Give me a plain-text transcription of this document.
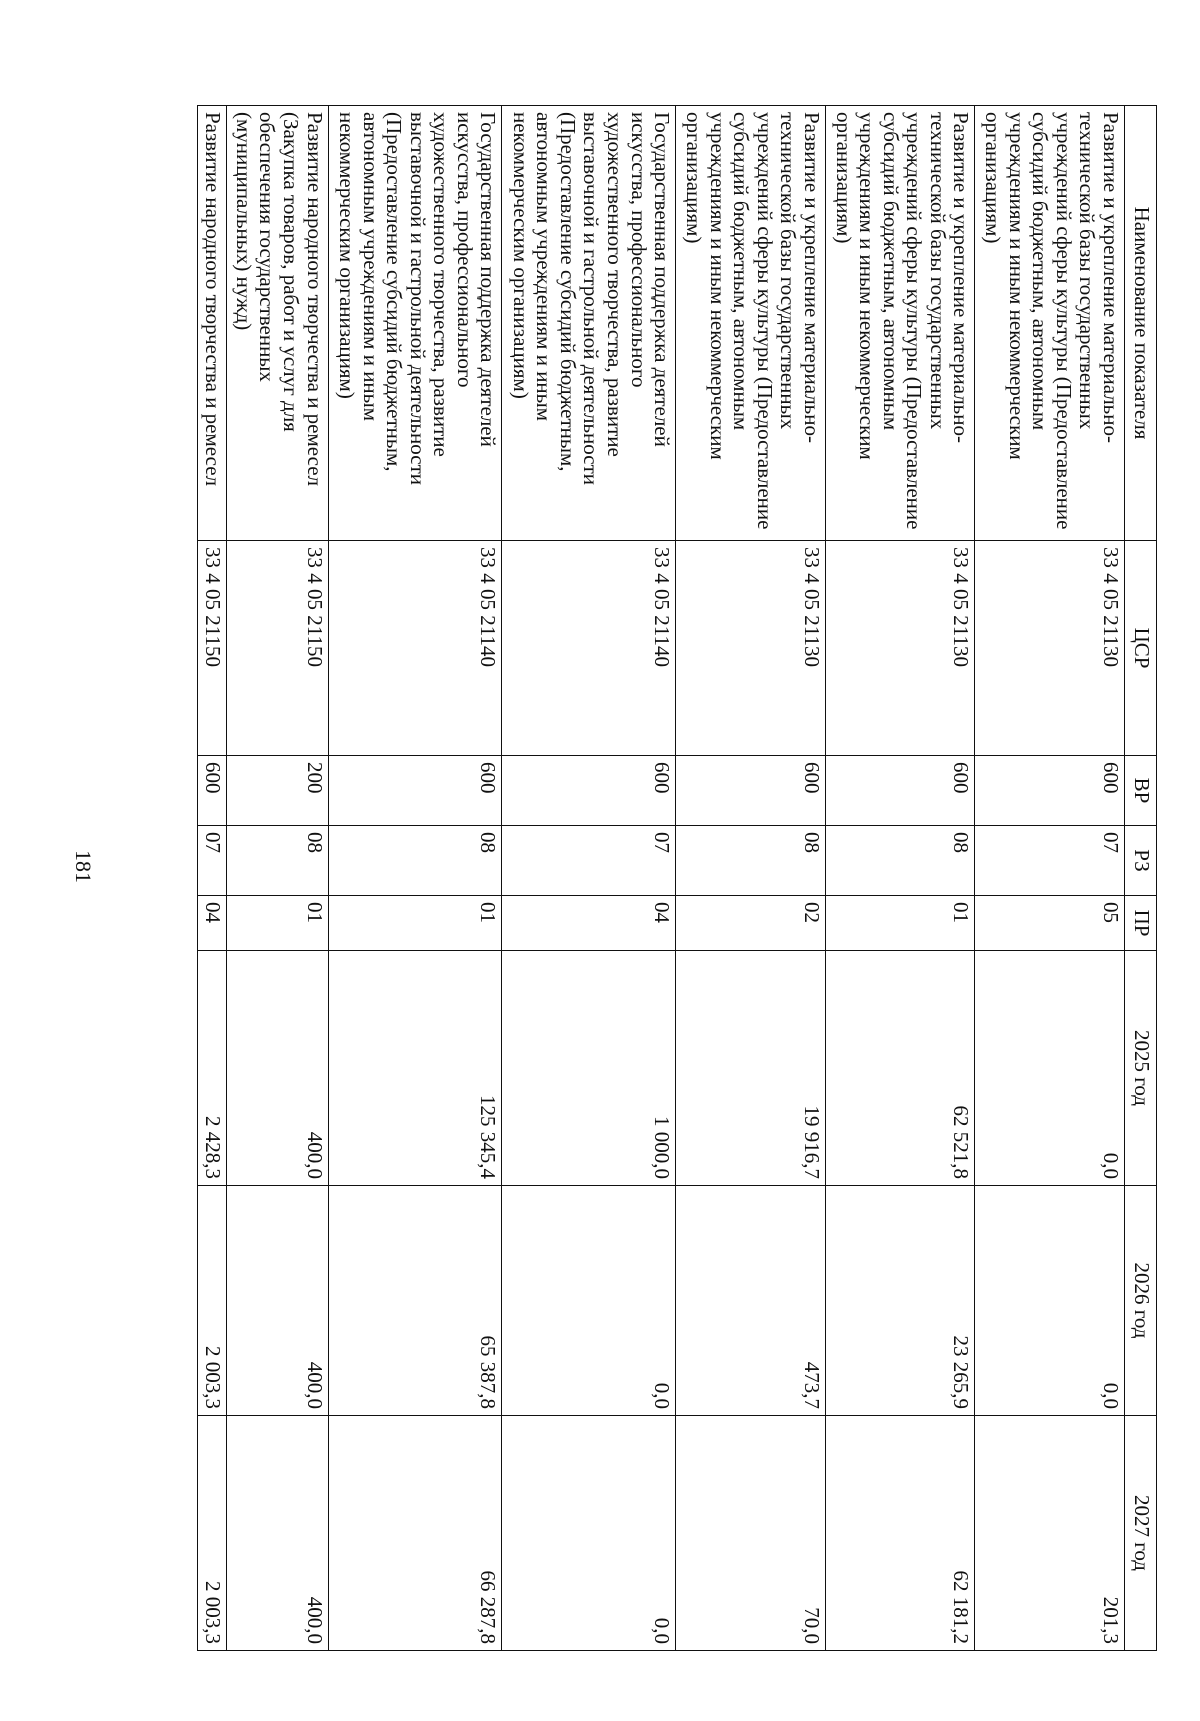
181
Наименование показателя	ЦСР	ВР	РЗ	ПР	2025 год	2026 год	2027 год
Развитие и укрепление материально-технической базы государственных учреждений сферы культуры (Предоставление субсидий бюджетным, автономным учреждениям и иным некоммерческим организациям)	33 4 05 21130	600	07	05	0,0	0,0	201,3
Развитие и укрепление материально-технической базы государственных учреждений сферы культуры (Предоставление субсидий бюджетным, автономным учреждениям и иным некоммерческим организациям)	33 4 05 21130	600	08	01	62 521,8	23 265,9	62 181,2
Развитие и укрепление материально-технической базы государственных учреждений сферы культуры (Предоставление субсидий бюджетным, автономным учреждениям и иным некоммерческим организациям)	33 4 05 21130	600	08	02	19 916,7	473,7	70,0
Государственная поддержка деятелей искусства, профессионального художественного творчества, развитие выставочной и гастрольной деятельности (Предоставление субсидий бюджетным, автономным учреждениям и иным некоммерческим организациям)	33 4 05 21140	600	07	04	1 000,0	0,0	0,0
Государственная поддержка деятелей искусства, профессионального художественного творчества, развитие выставочной и гастрольной деятельности (Предоставление субсидий бюджетным, автономным учреждениям и иным некоммерческим организациям)	33 4 05 21140	600	08	01	125 345,4	65 387,8	66 287,8
Развитие народного творчества и ремесел (Закупка товаров, работ и услуг для обеспечения государственных (муниципальных) нужд)	33 4 05 21150	200	08	01	400,0	400,0	400,0
Развитие народного творчества и ремесел	33 4 05 21150	600	07	04	2 428,3	2 003,3	2 003,3
